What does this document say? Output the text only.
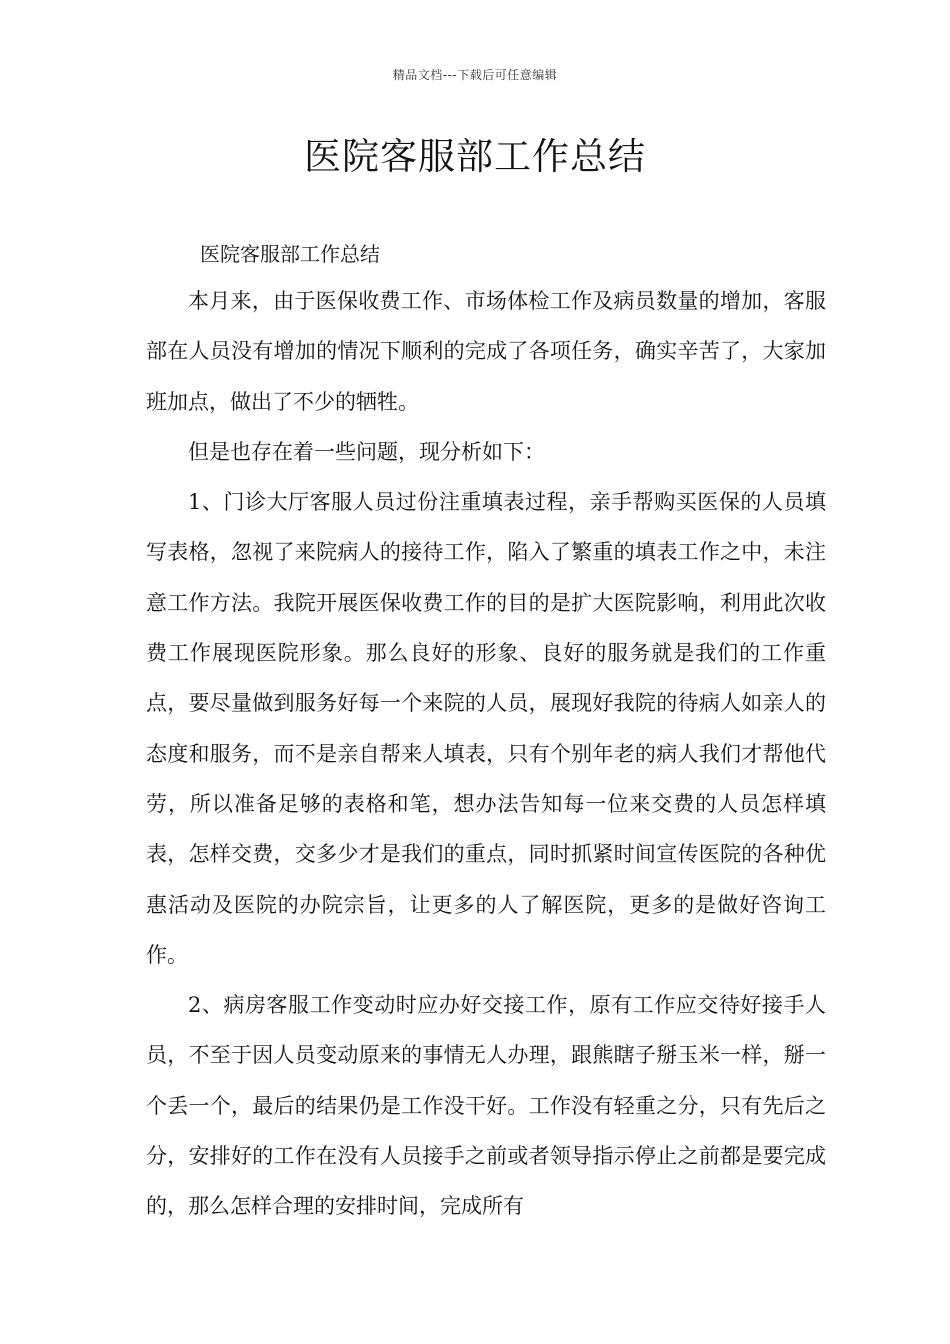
精品文档---下载后可任意编辑
医院客服部工作总结
医院客服部工作总结

本月来，由于医保收费工作、市场体检工作及病员数量的增加，客服部在人员没有增加的情况下顺利的完成了各项任务，确实辛苦了，大家加班加点，做出了不少的牺牲。

但是也存在着一些问题，现分析如下：

1、门诊大厅客服人员过份注重填表过程，亲手帮购买医保的人员填写表格，忽视了来院病人的接待工作，陷入了繁重的填表工作之中，未注意工作方法。我院开展医保收费工作的目的是扩大医院影响，利用此次收费工作展现医院形象。那么良好的形象、良好的服务就是我们的工作重点，要尽量做到服务好每一个来院的人员，展现好我院的待病人如亲人的态度和服务，而不是亲自帮来人填表，只有个别年老的病人我们才帮他代劳，所以准备足够的表格和笔，想办法告知每一位来交费的人员怎样填表，怎样交费，交多少才是我们的重点，同时抓紧时间宣传医院的各种优惠活动及医院的办院宗旨，让更多的人了解医院，更多的是做好咨询工作。

2、病房客服工作变动时应办好交接工作，原有工作应交待好接手人员，不至于因人员变动原来的事情无人办理，跟熊瞎子掰玉米一样，掰一个丢一个，最后的结果仍是工作没干好。工作没有轻重之分，只有先后之分，安排好的工作在没有人员接手之前或者领导指示停止之前都是要完成的，那么怎样合理的安排时间，完成所有
